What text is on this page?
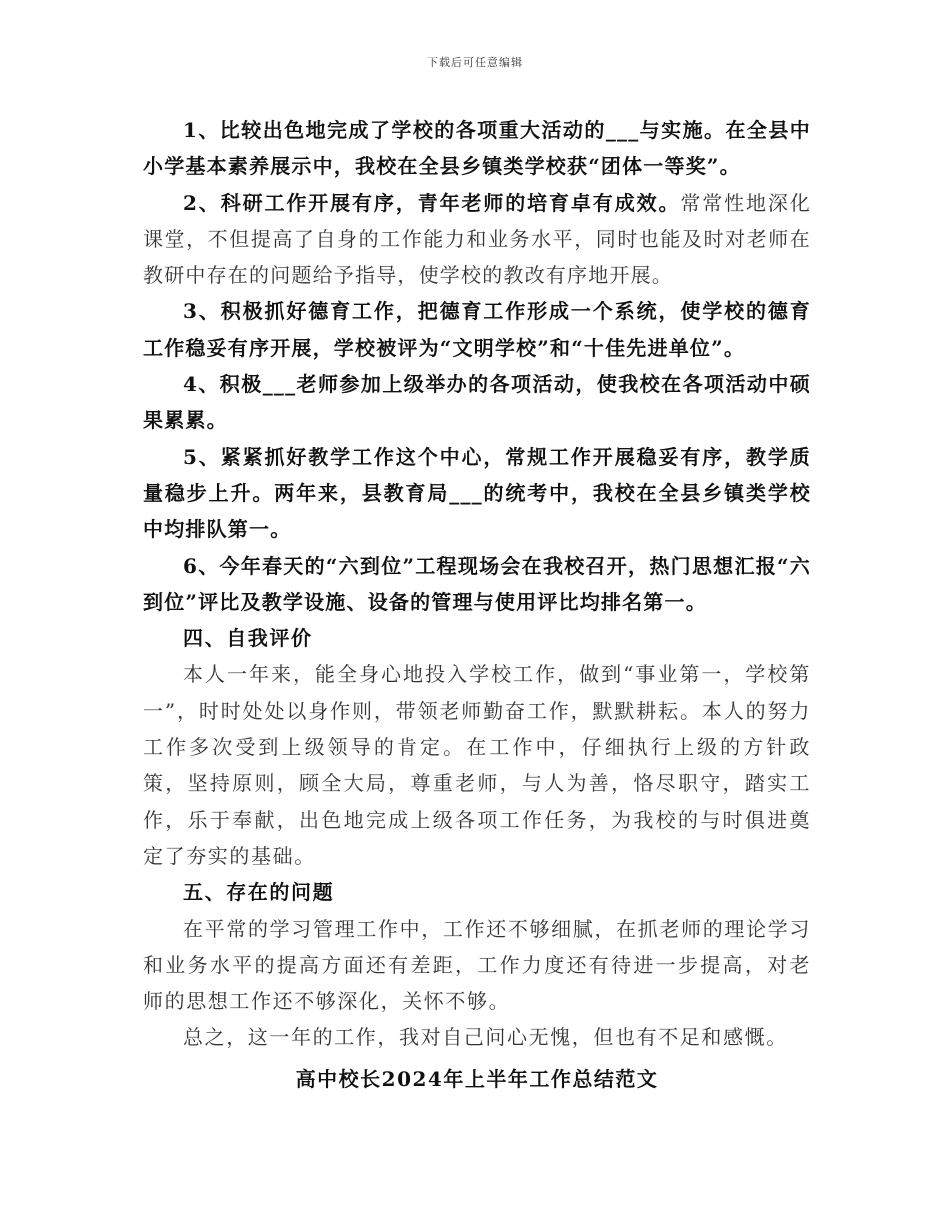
下载后可任意编辑

1、比较出色地完成了学校的各项重大活动的___与实施。在全县中小学基本素养展示中，我校在全县乡镇类学校获“团体一等奖”。

2、科研工作开展有序，青年老师的培育卓有成效。常常性地深化课堂，不但提高了自身的工作能力和业务水平，同时也能及时对老师在教研中存在的问题给予指导，使学校的教改有序地开展。

3、积极抓好德育工作，把德育工作形成一个系统，使学校的德育工作稳妥有序开展，学校被评为“文明学校”和“十佳先进单位”。

4、积极___老师参加上级举办的各项活动，使我校在各项活动中硕果累累。

5、紧紧抓好教学工作这个中心，常规工作开展稳妥有序，教学质量稳步上升。两年来，县教育局___的统考中，我校在全县乡镇类学校中均排队第一。

6、今年春天的“六到位”工程现场会在我校召开，热门思想汇报“六到位”评比及教学设施、设备的管理与使用评比均排名第一。

四、自我评价

本人一年来，能全身心地投入学校工作，做到“事业第一，学校第一”，时时处处以身作则，带领老师勤奋工作，默默耕耘。本人的努力工作多次受到上级领导的肯定。在工作中，仔细执行上级的方针政策，坚持原则，顾全大局，尊重老师，与人为善，恪尽职守，踏实工作，乐于奉献，出色地完成上级各项工作任务，为我校的与时俱进奠定了夯实的基础。

五、存在的问题

在平常的学习管理工作中，工作还不够细腻，在抓老师的理论学习和业务水平的提高方面还有差距，工作力度还有待进一步提高，对老师的思想工作还不够深化，关怀不够。

总之，这一年的工作，我对自己问心无愧，但也有不足和感慨。

高中校长2024年上半年工作总结范文
